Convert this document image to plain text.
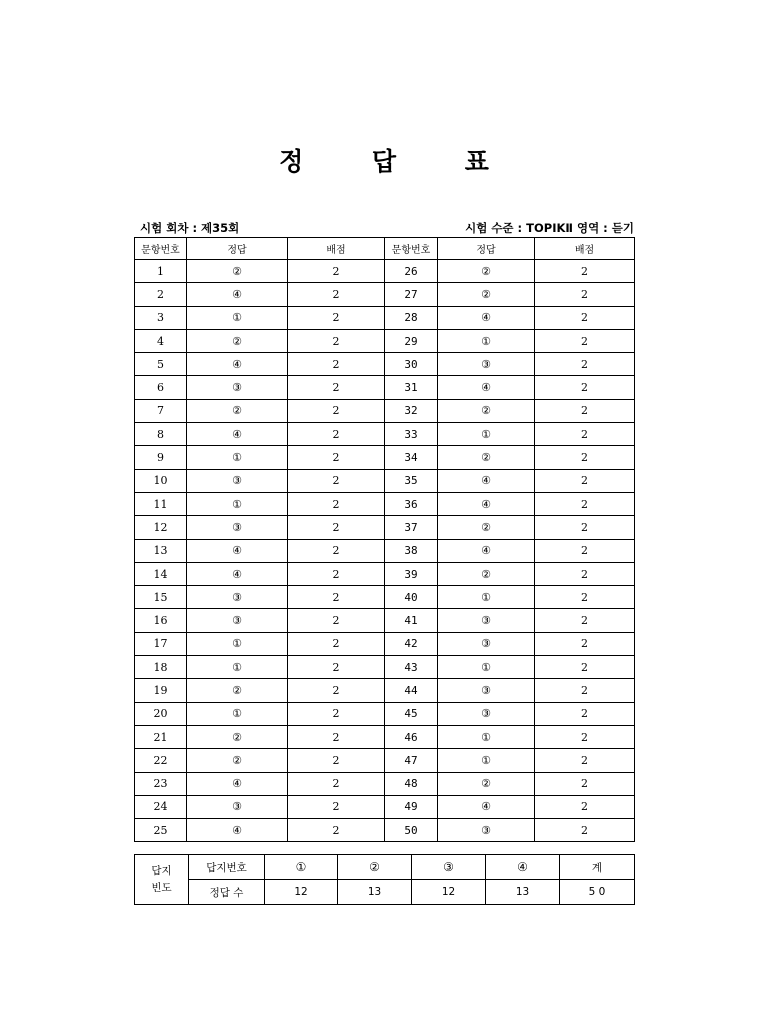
정 답 표
시험 회차 : 제35회	시험 수준 : TOPIKⅡ 영역 : 듣기
문항번호	정답	배점	문항번호	정답	배점
1	②	2	26	②	2
2	④	2	27	②	2
3	①	2	28	④	2
4	②	2	29	①	2
5	④	2	30	③	2
6	③	2	31	④	2
7	②	2	32	②	2
8	④	2	33	①	2
9	①	2	34	②	2
10	③	2	35	④	2
11	①	2	36	④	2
12	③	2	37	②	2
13	④	2	38	④	2
14	④	2	39	②	2
15	③	2	40	①	2
16	③	2	41	③	2
17	①	2	42	③	2
18	①	2	43	①	2
19	②	2	44	③	2
20	①	2	45	③	2
21	②	2	46	①	2
22	②	2	47	①	2
23	④	2	48	②	2
24	③	2	49	④	2
25	④	2	50	③	2
답지
빈도	답지번호	①	②	③	④	계
	정답 수	12	13	12	13	5 0
